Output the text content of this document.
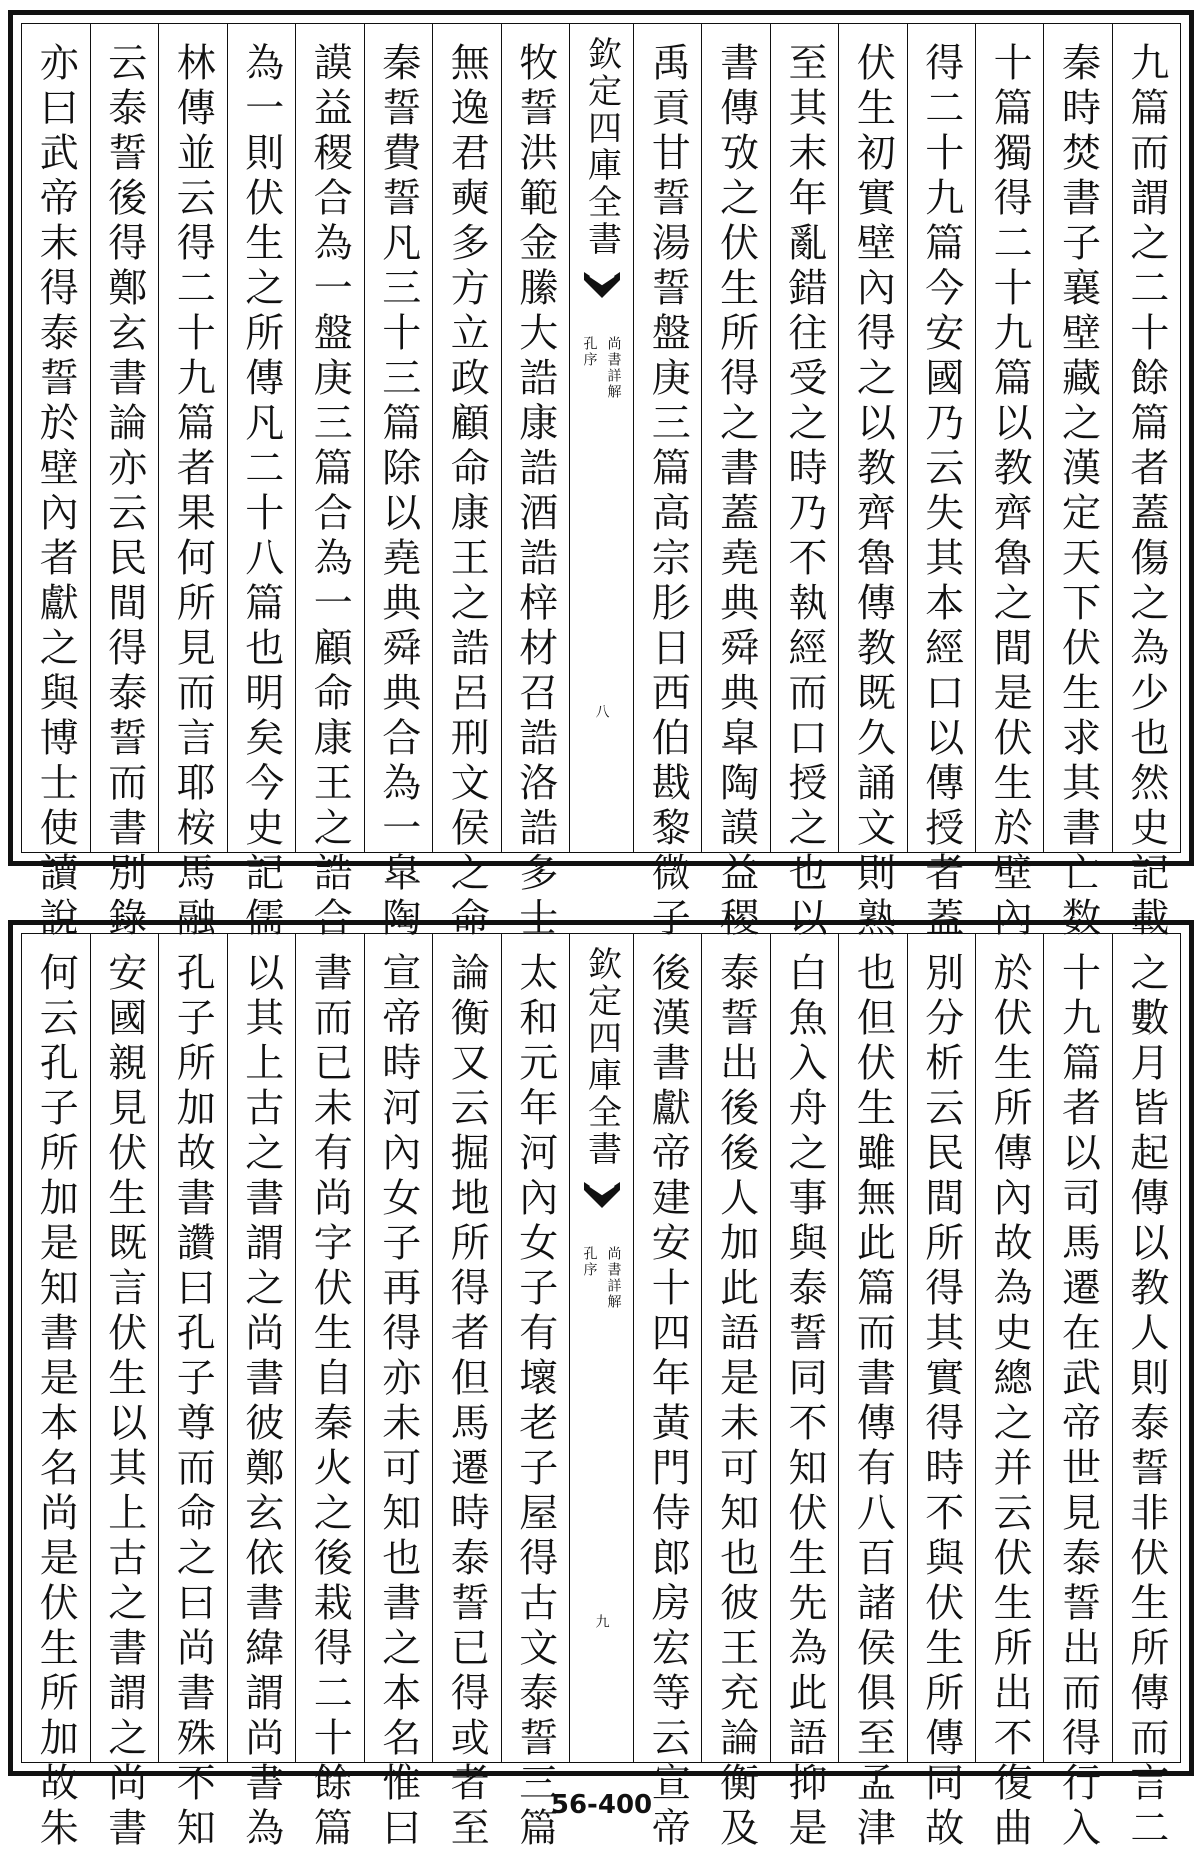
九篇而謂之二十餘篇者蓋傷之為少也然史記載
秦時焚書子襄壁藏之漢定天下伏生求其書亡数
十篇獨得二十九篇以教齊魯之間是伏生於壁內
得二十九篇今安國乃云失其本經口以傳授者蓋
伏生初實壁內得之以教齊魯傳教既久誦文則熟
至其末年亂錯往受之時乃不執經而口授之也以
書傳攷之伏生所得之書蓋堯典舜典皐陶謨益稷
禹貢甘誓湯誓盤庚三篇高宗肜日西伯戡黎微子
欽定四庫全書
尚書詳解
孔序
八
牧誓洪範金縢大誥康誥酒誥梓材召誥洛誥多士
無逸君奭多方立政顧命康王之誥呂刑文侯之命
秦誓費誓凡三十三篇除以堯典舜典合為一臯陶
謨益稷合為一盤庚三篇合為一顧命康王之誥合
為一則伏生之所傳凡二十八篇也明矣今史記儒
林傳並云得二十九篇者果何所見而言耶桉馬融
云泰誓後得鄭玄書論亦云民間得泰誓而書別錄
亦曰武帝末得泰誓於壁內者獻之與博士使讀說
之數月皆起傳以教人則泰誓非伏生所傳而言二
十九篇者以司馬遷在武帝世見泰誓出而得行入
於伏生所傳內故為史總之并云伏生所出不復曲
別分析云民間所得其實得時不與伏生所傳同故
也但伏生雖無此篇而書傳有八百諸侯俱至孟津
白魚入舟之事與泰誓同不知伏生先為此語抑是
泰誓出後後人加此語是未可知也彼王充論衡及
後漢書獻帝建安十四年黃門侍郎房宏等云宣帝
欽定四庫全書
尚書詳解
孔序
九
太和元年河內女子有壞老子屋得古文泰誓三篇
論衡又云掘地所得者但馬遷時泰誓已得或者至
宣帝時河內女子再得亦未可知也書之本名惟曰
書而已未有尚字伏生自秦火之後栽得二十餘篇
以其上古之書謂之尚書彼鄭玄依書緯謂尚書為
孔子所加故書讚曰孔子尊而命之曰尚書殊不知
安國親見伏生既言伏生以其上古之書謂之尚書
何云孔子所加是知書是本名尚是伏生所加故朱	56-400
